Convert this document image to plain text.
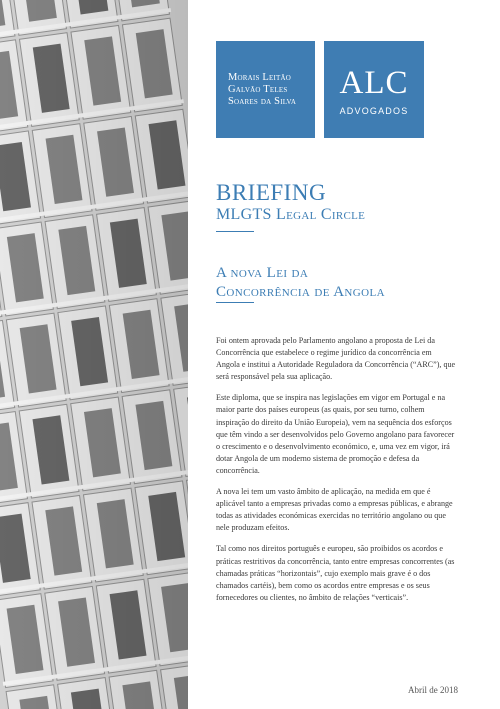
Morais Leitão
Galvão Teles
Soares da Silva
ALC
ADVOGADOS
BRIEFING
MLGTS Legal Circle
A nova Lei da
Concorrência de Angola

Foi ontem aprovada pelo Parlamento angolano a proposta de Lei da Concorrência que estabelece o regime jurídico da concorrência em Angola e institui a Autoridade Reguladora da Concorrência (“ARC”), que será responsável pela sua aplicação.

Este diploma, que se inspira nas legislações em vigor em Portugal e na maior parte dos países europeus (as quais, por seu turno, colhem inspiração do direito da União Europeia), vem na sequência dos esforços que têm vindo a ser desenvolvidos pelo Governo angolano para favorecer o crescimento e o desenvolvimento económico, e, uma vez em vigor, irá dotar Angola de um moderno sistema de promoção e defesa da concorrência.

A nova lei tem um vasto âmbito de aplicação, na medida em que é aplicável tanto a empresas privadas como a empresas públicas, e abrange todas as atividades económicas exercidas no território angolano ou que nele produzam efeitos.

Tal como nos direitos português e europeu, são proibidos os acordos e práticas restritivos da concorrência, tanto entre empresas concorrentes (as chamadas práticas “horizontais”, cujo exemplo mais grave é o dos chamados cartéis), bem como os acordos entre empresas e os seus fornecedores ou clientes, no âmbito de relações “verticais”.

Abril de 2018
